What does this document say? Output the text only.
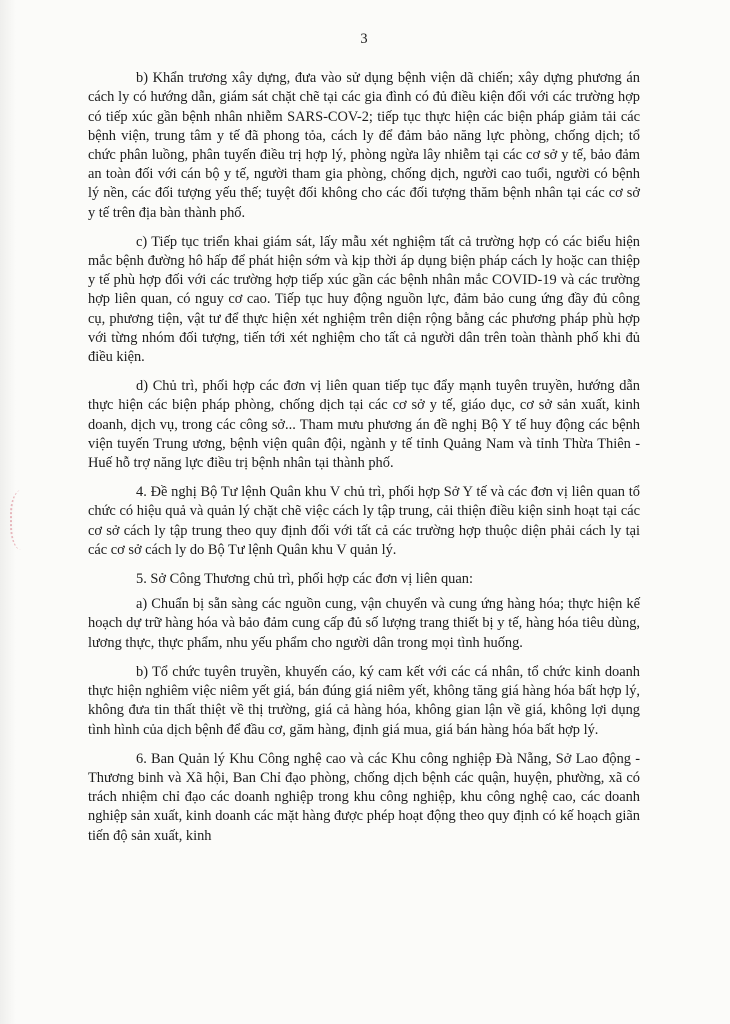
3

b) Khẩn trương xây dựng, đưa vào sử dụng bệnh viện dã chiến; xây dựng phương án cách ly có hướng dẫn, giám sát chặt chẽ tại các gia đình có đủ điều kiện đối với các trường hợp có tiếp xúc gần bệnh nhân nhiễm SARS-COV-2; tiếp tục thực hiện các biện pháp giảm tải các bệnh viện, trung tâm y tế đã phong tỏa, cách ly để đảm bảo năng lực phòng, chống dịch; tổ chức phân luồng, phân tuyến điều trị hợp lý, phòng ngừa lây nhiễm tại các cơ sở y tế, bảo đảm an toàn đối với cán bộ y tế, người tham gia phòng, chống dịch, người cao tuổi, người có bệnh lý nền, các đối tượng yếu thế; tuyệt đối không cho các đối tượng thăm bệnh nhân tại các cơ sở y tế trên địa bàn thành phố.

c) Tiếp tục triển khai giám sát, lấy mẫu xét nghiệm tất cả trường hợp có các biểu hiện mắc bệnh đường hô hấp để phát hiện sớm và kịp thời áp dụng biện pháp cách ly hoặc can thiệp y tế phù hợp đối với các trường hợp tiếp xúc gần các bệnh nhân mắc COVID-19 và các trường hợp liên quan, có nguy cơ cao. Tiếp tục huy động nguồn lực, đảm bảo cung ứng đầy đủ công cụ, phương tiện, vật tư để thực hiện xét nghiệm trên diện rộng bằng các phương pháp phù hợp với từng nhóm đối tượng, tiến tới xét nghiệm cho tất cả người dân trên toàn thành phố khi đủ điều kiện.

d) Chủ trì, phối hợp các đơn vị liên quan tiếp tục đẩy mạnh tuyên truyền, hướng dẫn thực hiện các biện pháp phòng, chống dịch tại các cơ sở y tế, giáo dục, cơ sở sản xuất, kinh doanh, dịch vụ, trong các công sở... Tham mưu phương án đề nghị Bộ Y tế huy động các bệnh viện tuyến Trung ương, bệnh viện quân đội, ngành y tế tỉnh Quảng Nam và tỉnh Thừa Thiên - Huế hỗ trợ năng lực điều trị bệnh nhân tại thành phố.

4. Đề nghị Bộ Tư lệnh Quân khu V chủ trì, phối hợp Sở Y tế và các đơn vị liên quan tổ chức có hiệu quả và quản lý chặt chẽ việc cách ly tập trung, cải thiện điều kiện sinh hoạt tại các cơ sở cách ly tập trung theo quy định đối với tất cả các trường hợp thuộc diện phải cách ly tại các cơ sở cách ly do Bộ Tư lệnh Quân khu V quản lý.

5. Sở Công Thương chủ trì, phối hợp các đơn vị liên quan:

a) Chuẩn bị sẵn sàng các nguồn cung, vận chuyển và cung ứng hàng hóa; thực hiện kế hoạch dự trữ hàng hóa và bảo đảm cung cấp đủ số lượng trang thiết bị y tế, hàng hóa tiêu dùng, lương thực, thực phẩm, nhu yếu phẩm cho người dân trong mọi tình huống.

b) Tổ chức tuyên truyền, khuyến cáo, ký cam kết với các cá nhân, tổ chức kinh doanh thực hiện nghiêm việc niêm yết giá, bán đúng giá niêm yết, không tăng giá hàng hóa bất hợp lý, không đưa tin thất thiệt về thị trường, giá cả hàng hóa, không gian lận về giá, không lợi dụng tình hình của dịch bệnh để đầu cơ, găm hàng, định giá mua, giá bán hàng hóa bất hợp lý.

6. Ban Quản lý Khu Công nghệ cao và các Khu công nghiệp Đà Nẵng, Sở Lao động - Thương binh và Xã hội, Ban Chỉ đạo phòng, chống dịch bệnh các quận, huyện, phường, xã có trách nhiệm chỉ đạo các doanh nghiệp trong khu công nghiệp, khu công nghệ cao, các doanh nghiệp sản xuất, kinh doanh các mặt hàng được phép hoạt động theo quy định có kế hoạch giãn tiến độ sản xuất, kinh
